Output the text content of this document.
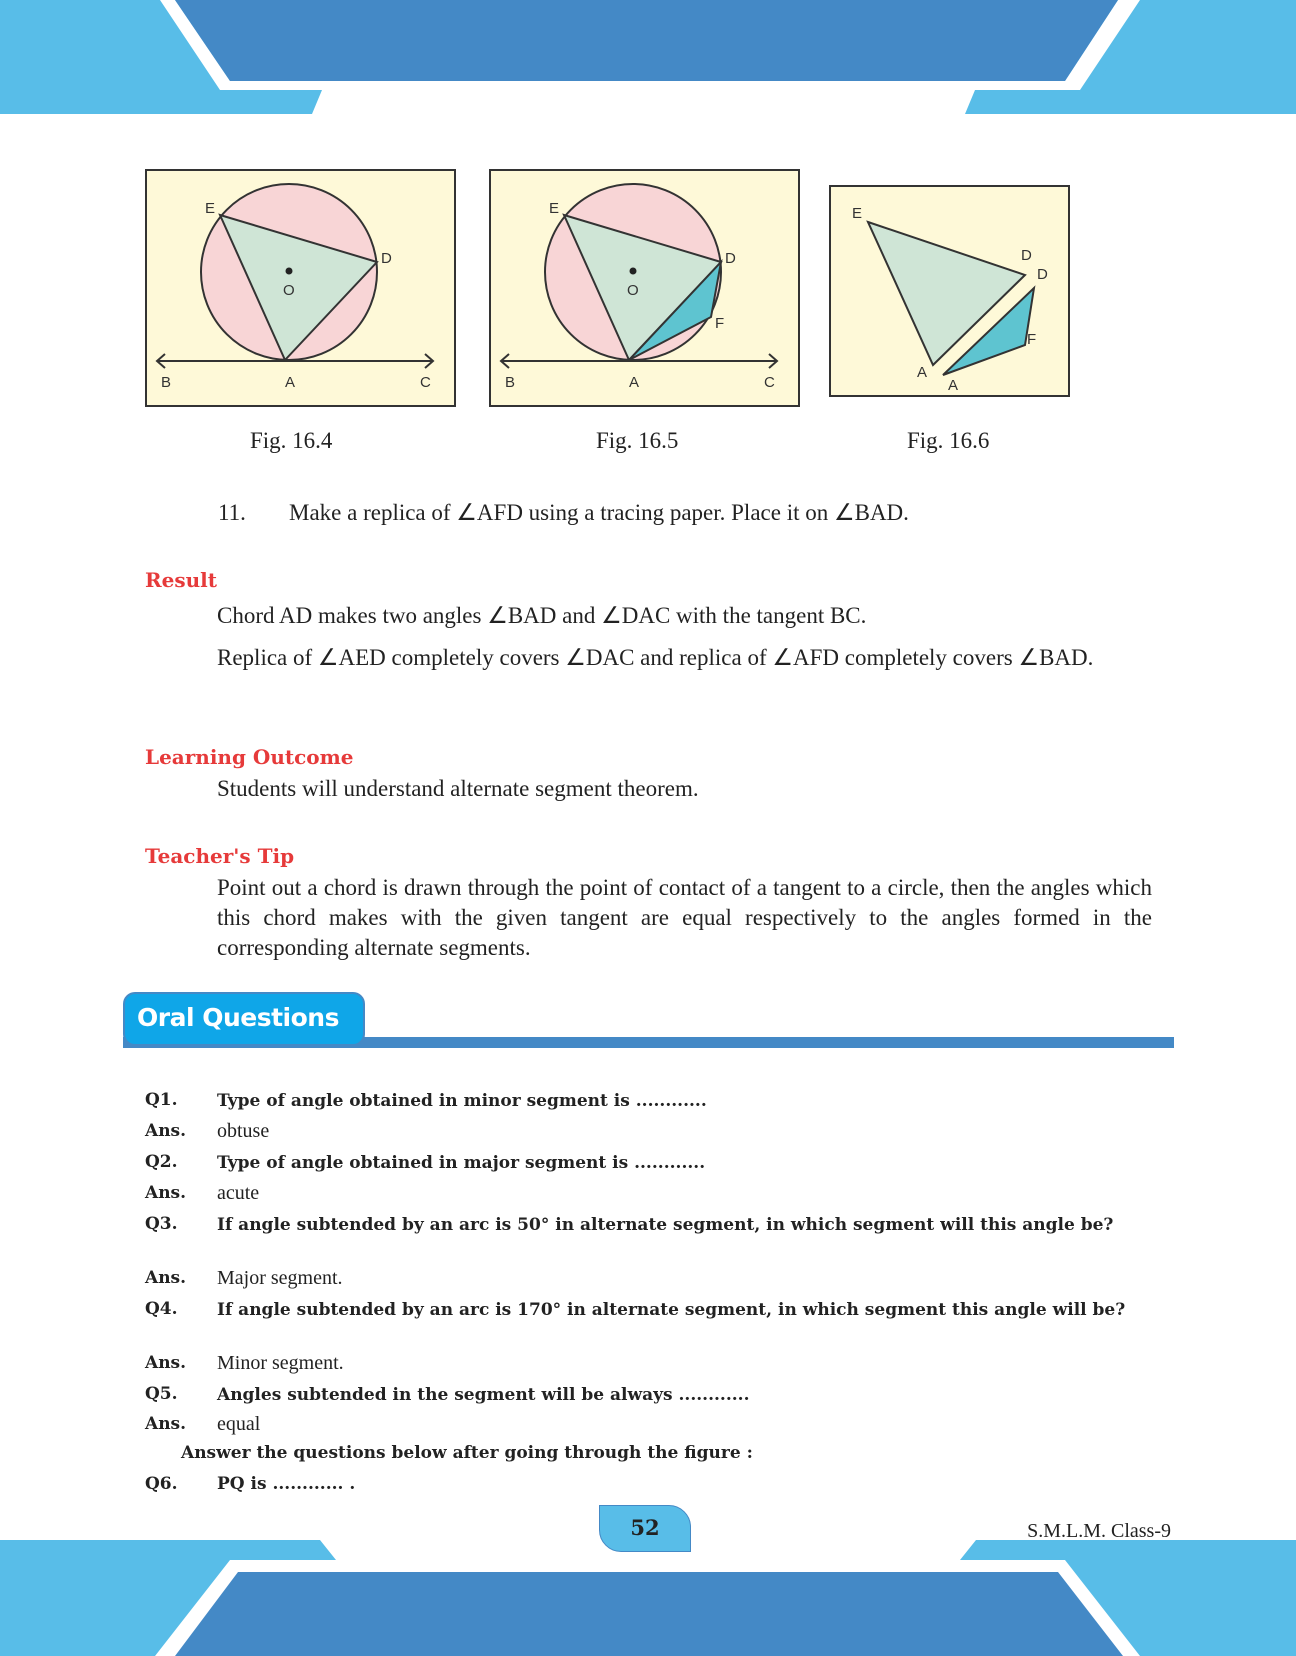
E
D
O
B	A	C
Fig. 16.4
E
D
O
F
B	A	C
Fig. 16.5
E
D
D
F
A
A
Fig. 16.6
11. Make a replica of ∠AFD using a tracing paper. Place it on ∠BAD.
Result
Chord AD makes two angles ∠BAD and ∠DAC with the tangent BC.
Replica of ∠AED completely covers ∠DAC and replica of ∠AFD completely covers ∠BAD.
Learning Outcome
Students will understand alternate segment theorem.
Teacher's Tip
Point out a chord is drawn through the point of contact of a tangent to a circle, then the angles which this chord makes with the given tangent are equal respectively to the angles formed in the corresponding alternate segments.
Oral Questions
Q1. Type of angle obtained in minor segment is ............
Ans. obtuse
Q2. Type of angle obtained in major segment is ............
Ans. acute
Q3. If angle subtended by an arc is 50° in alternate segment, in which segment will this angle be?
Ans. Major segment.
Q4. If angle subtended by an arc is 170° in alternate segment, in which segment this angle will be?
Ans. Minor segment.
Q5. Angles subtended in the segment will be always ............
Ans. equal
Answer the questions below after going through the figure :
Q6. PQ is ............ .
52	S.M.L.M. Class-9
